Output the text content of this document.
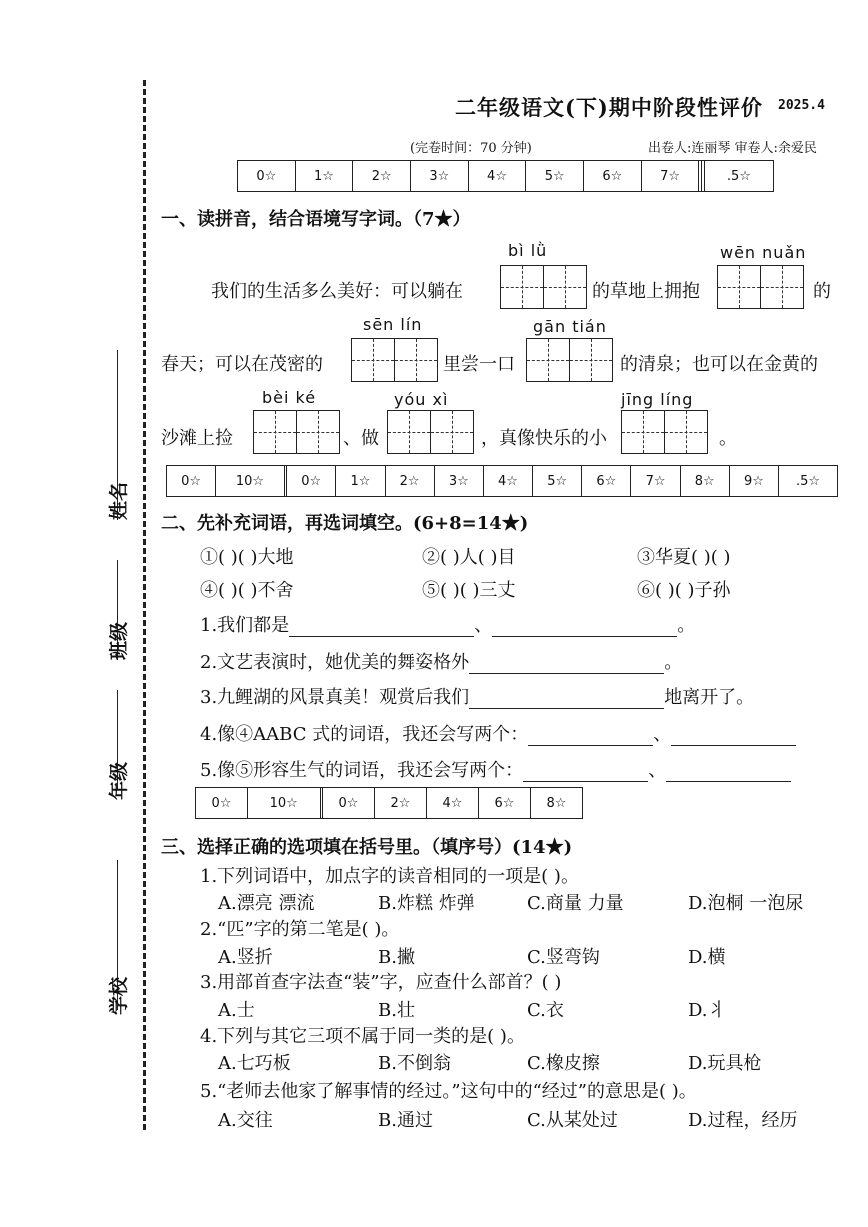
姓名
班级
年级
学校
二年级语文(下)期中阶段性评价 2025.4
(完卷时间：70 分钟)	出卷人:连丽琴 审卷人:余爱民
0☆	1☆	2☆	3☆	4☆	5☆	6☆	7☆			.5☆
一、读拼音，结合语境写字词。（7★）
bì lǜ	wēn nuǎn
我们的生活多么美好：可以躺在	的草地上拥抱	的
sēn lín	gān tián
春天；可以在茂密的	里尝一口	的清泉；也可以在金黄的
bèi ké	yóu xì	jīng líng
沙滩上捡	、做	，真像快乐的小	。
0☆	10☆		0☆	1☆	2☆	3☆	4☆	5☆	6☆	7☆	8☆	9☆	.5☆
二、先补充词语，再选词填空。(6+8=14★)
①( )( )大地	②( )人( )目	③华夏( )( )
④( )( )不舍	⑤( )( )三丈	⑥( )( )子孙
1.我们都是	、	。
2.文艺表演时，她优美的舞姿格外	。
3.九鲤湖的风景真美！观赏后我们	地离开了。
4.像④AABC 式的词语，我还会写两个：	、
5.像⑤形容生气的词语，我还会写两个：	、
0☆	10☆		0☆	2☆	4☆	6☆	8☆
三、选择正确的选项填在括号里。（填序号）(14★)
1.下列词语中，加点字的读音相同的一项是( )。
A.漂亮 漂流	B.炸糕 炸弹	C.商量 力量	D.泡桐 一泡尿
2.“匹”字的第二笔是( )。
A.竖折	B.撇	C.竖弯钩	D.横
3.用部首查字法查“装”字，应查什么部首？( )
A.士	B.壮	C.衣	D.丬
4.下列与其它三项不属于同一类的是( )。
A.七巧板	B.不倒翁	C.橡皮擦	D.玩具枪
5.“老师去他家了解事情的经过。”这句中的“经过”的意思是( )。
A.交往	B.通过	C.从某处过	D.过程，经历
